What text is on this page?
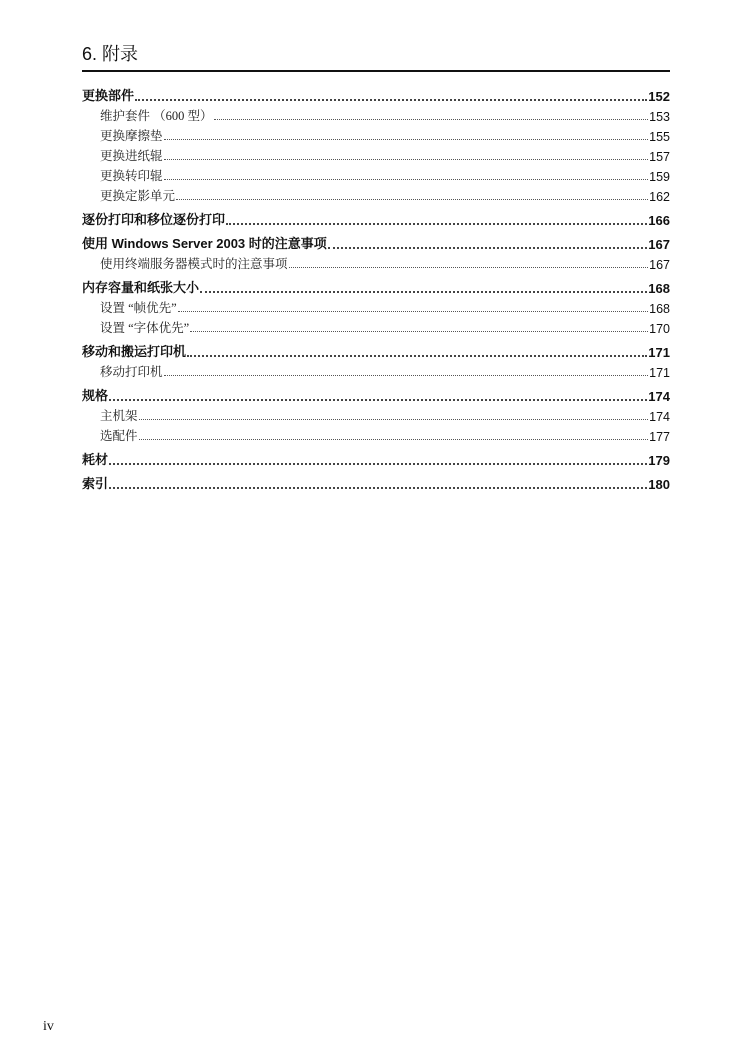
6. 附录
更换部件	152
维护套件 （600 型）	153
更换摩擦垫	155
更换进纸辊	157
更换转印辊	159
更换定影单元	162
逐份打印和移位逐份打印	166
使用 Windows Server 2003 时的注意事项	167
使用终端服务器模式时的注意事项	167
内存容量和纸张大小	168
设置 “帧优先”	168
设置 “字体优先”	170
移动和搬运打印机	171
移动打印机	171
规格	174
主机架	174
选配件	177
耗材	179
索引	180
iv
